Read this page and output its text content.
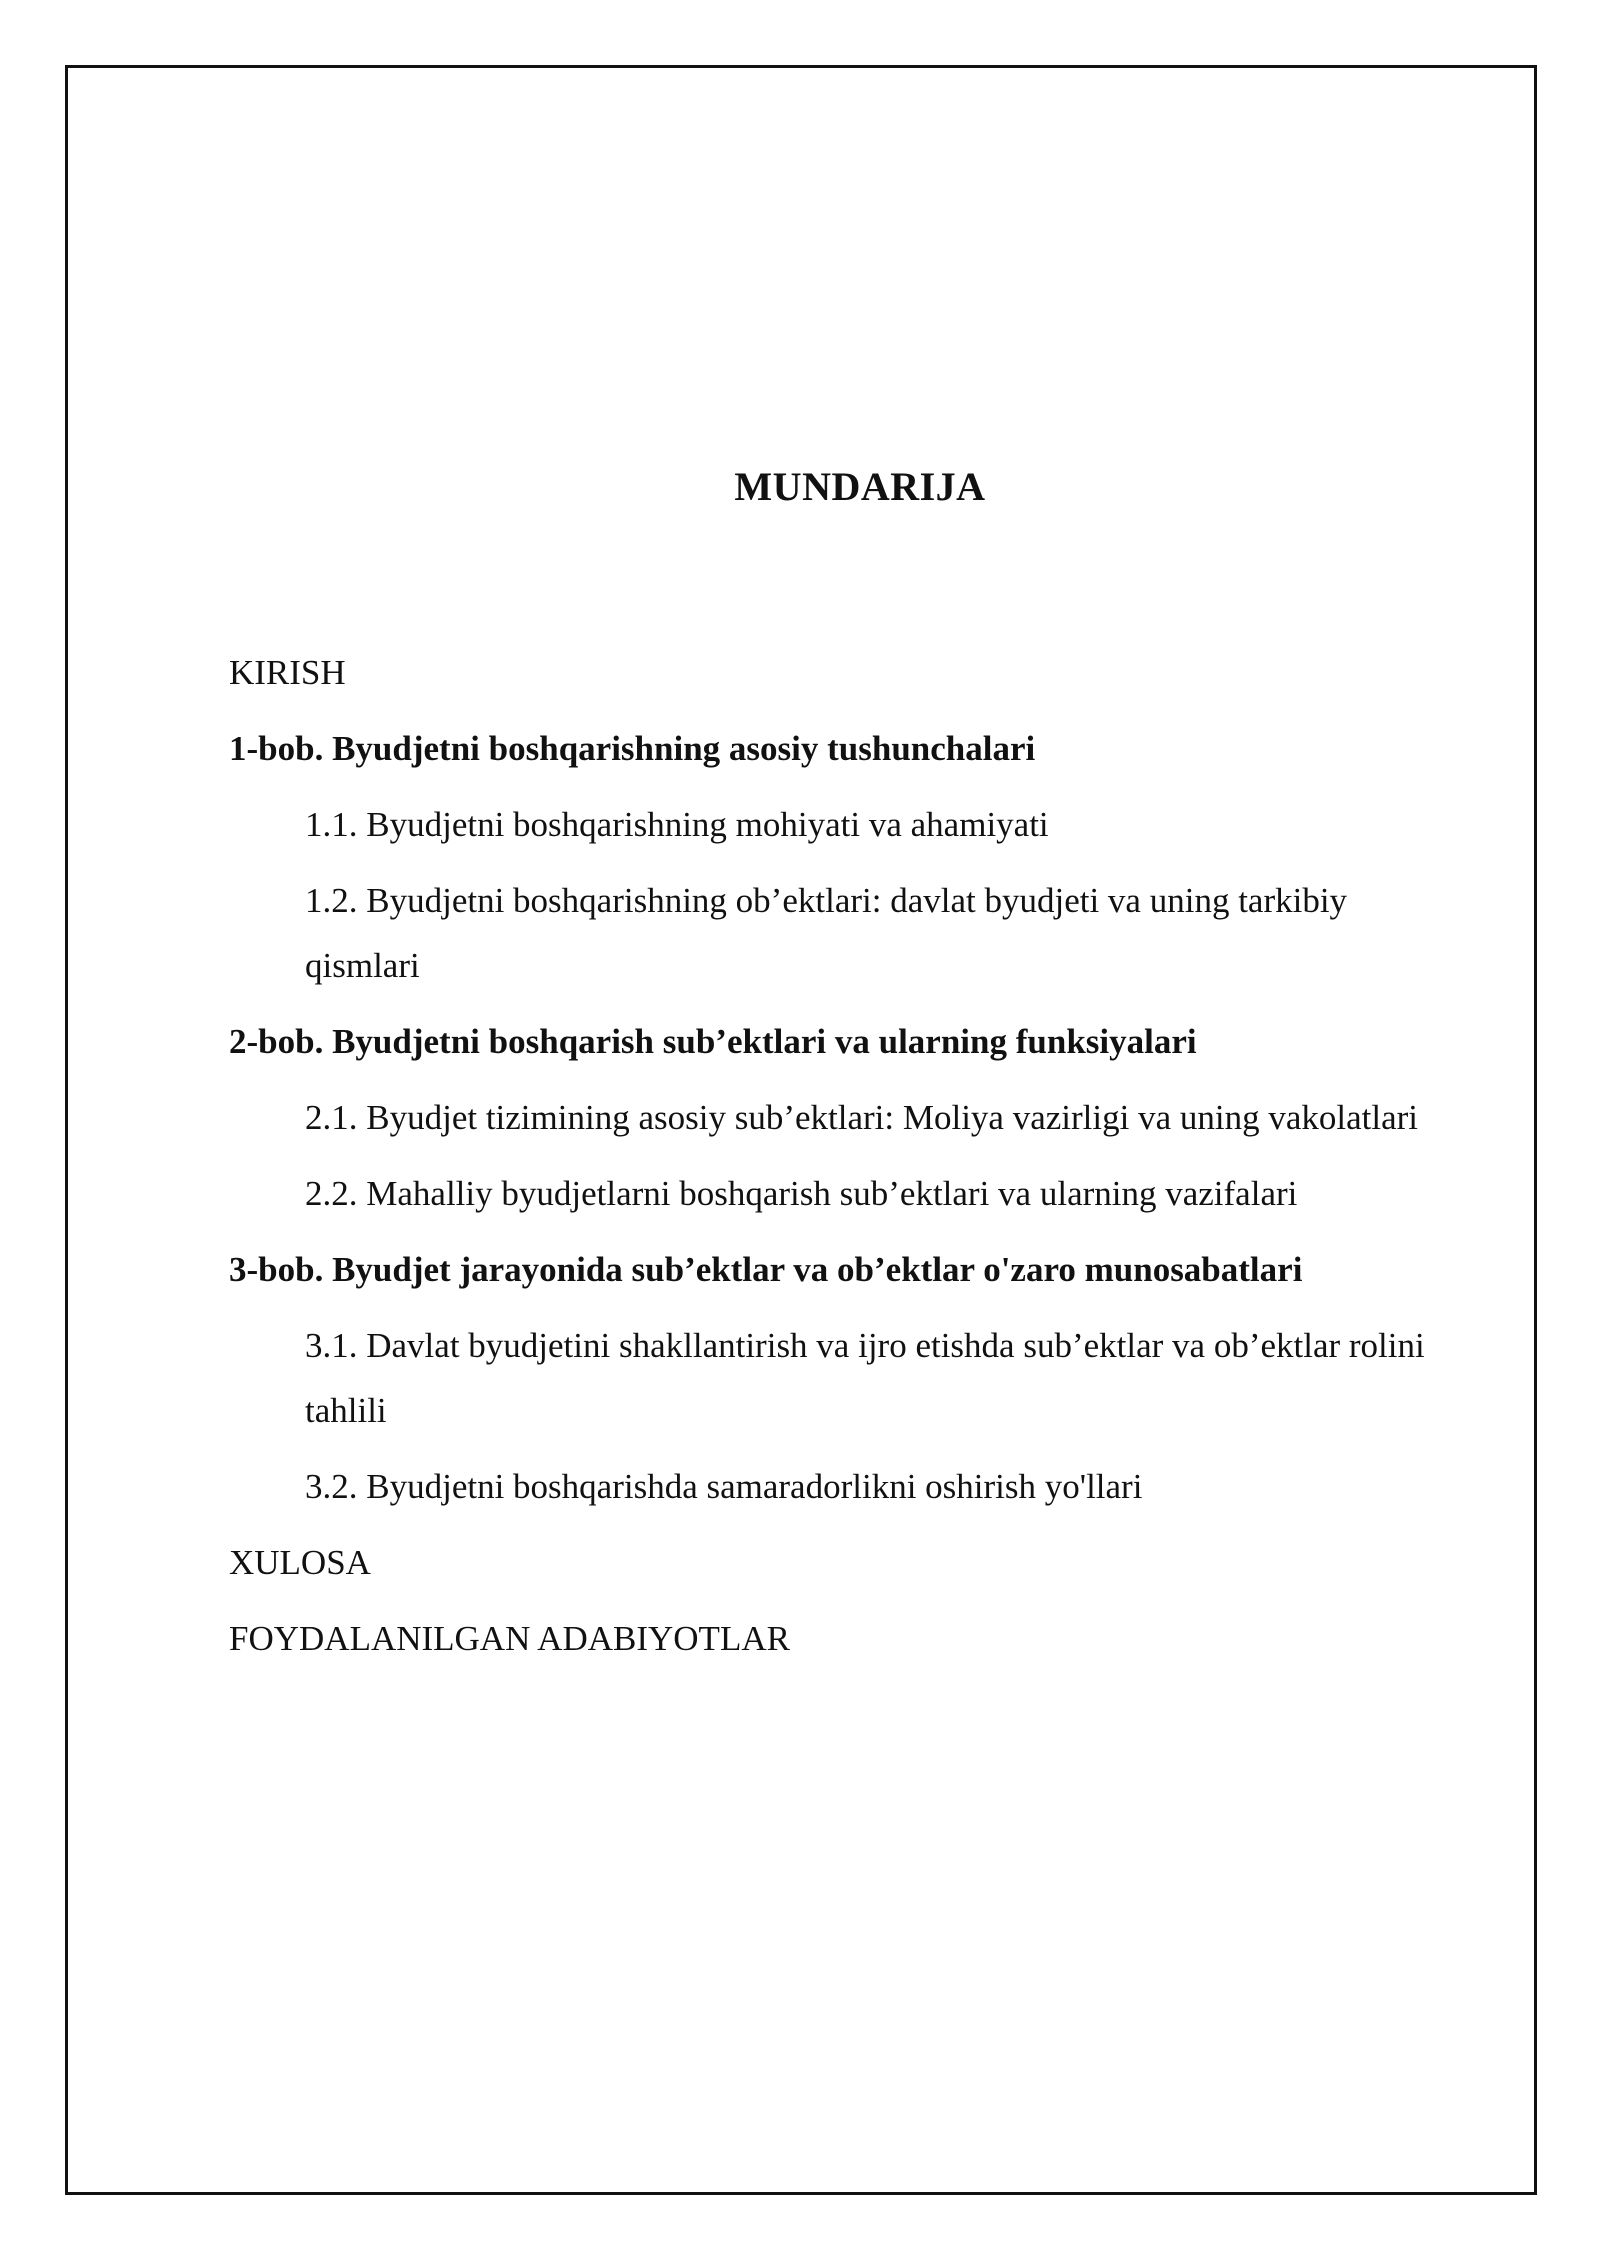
MUNDARIJA

KIRISH

1-bob. Byudjetni boshqarishning asosiy tushunchalari

1.1. Byudjetni boshqarishning mohiyati va ahamiyati

1.2. Byudjetni boshqarishning ob’ektlari: davlat byudjeti va uning tarkibiy qismlari

2-bob. Byudjetni boshqarish sub’ektlari va ularning funksiyalari

2.1. Byudjet tizimining asosiy sub’ektlari: Moliya vazirligi va uning vakolatlari

2.2. Mahalliy byudjetlarni boshqarish sub’ektlari va ularning vazifalari

3-bob. Byudjet jarayonida sub’ektlar va ob’ektlar o'zaro munosabatlari

3.1. Davlat byudjetini shakllantirish va ijro etishda sub’ektlar va ob’ektlar rolini tahlili

3.2. Byudjetni boshqarishda samaradorlikni oshirish yo'llari

XULOSA

FOYDALANILGAN ADABIYOTLAR
